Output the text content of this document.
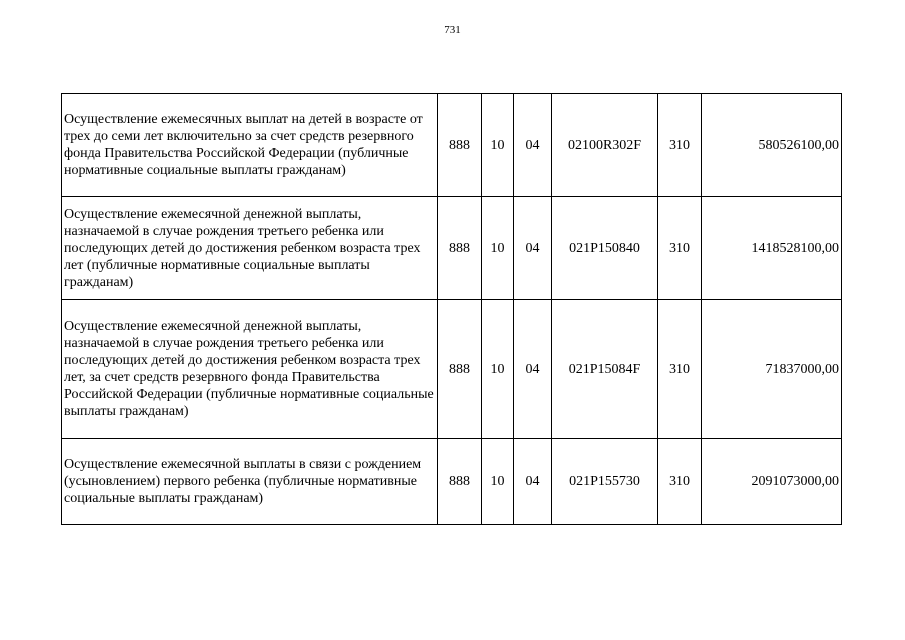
731
Осуществление ежемесячных выплат на детей в возрасте от трех до семи лет включительно за счет средств резервного фонда Правительства Российской Федерации (публичные нормативные социальные выплаты гражданам)	888	10	04	02100R302F	310	580526100,00
Осуществление ежемесячной денежной выплаты, назначаемой в случае рождения третьего ребенка или последующих детей до достижения ребенком возраста трех лет (публичные нормативные социальные выплаты гражданам)	888	10	04	021P150840	310	1418528100,00
Осуществление ежемесячной денежной выплаты, назначаемой в случае рождения третьего ребенка или последующих детей до достижения ребенком возраста трех лет, за счет средств резервного фонда Правительства Российской Федерации (публичные нормативные социальные выплаты гражданам)	888	10	04	021P15084F	310	71837000,00
Осуществление ежемесячной выплаты в связи с рождением (усыновлением) первого ребенка (публичные нормативные социальные выплаты гражданам)	888	10	04	021P155730	310	2091073000,00
